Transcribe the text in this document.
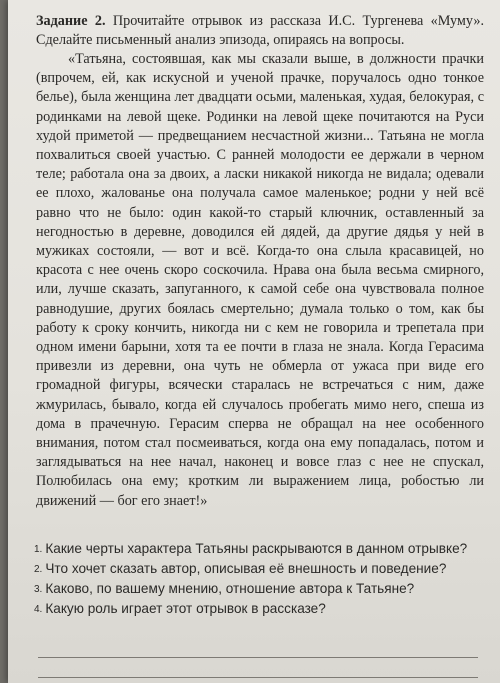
Задание 2. Прочитайте отрывок из рассказа И.С. Тургенева «Муму». Сделайте письменный анализ эпизода, опираясь на вопросы.

«Татьяна, состоявшая, как мы сказали выше, в должности прачки (впрочем, ей, как искусной и ученой прачке, поручалось одно тонкое белье), была женщина лет двадцати осьми, маленькая, худая, белокурая, с родинками на левой щеке. Родинки на левой щеке почитаются на Руси худой приметой — предвещанием несчастной жизни... Татьяна не могла похвалиться своей участью. С ранней молодости ее держали в черном теле; работала она за двоих, а ласки никакой никогда не видала; одевали ее плохо, жалованье она получала самое маленькое; родни у ней всё равно что не было: один какой-то старый ключник, оставленный за негодностью в деревне, доводился ей дядей, да другие дядья у ней в мужиках состояли, — вот и всё. Когда-то она слыла красавицей, но красота с нее очень скоро соскочила. Нрава она была весьма смирного, или, лучше сказать, запуганного, к самой себе она чувствовала полное равнодушие, других боялась смертельно; думала только о том, как бы работу к сроку кончить, никогда ни с кем не говорила и трепетала при одном имени барыни, хотя та ее почти в глаза не знала. Когда Герасима привезли из деревни, она чуть не обмерла от ужаса при виде его громадной фигуры, всячески старалась не встречаться с ним, даже жмурилась, бывало, когда ей случалось пробегать мимо него, спеша из дома в прачечную. Герасим сперва не обращал на нее особенного внимания, потом стал посмеиваться, когда она ему попадалась, потом и заглядываться на нее начал, наконец и вовсе глаз с нее не спускал, Полюбилась она ему; кротким ли выражением лица, робостью ли движений — бог его знает!»

1. Какие черты характера Татьяны раскрываются в данном отрывке?
2. Что хочет сказать автор, описывая её внешность и поведение?
3. Каково, по вашему мнению, отношение автора к Татьяне?
4. Какую роль играет этот отрывок в рассказе?
